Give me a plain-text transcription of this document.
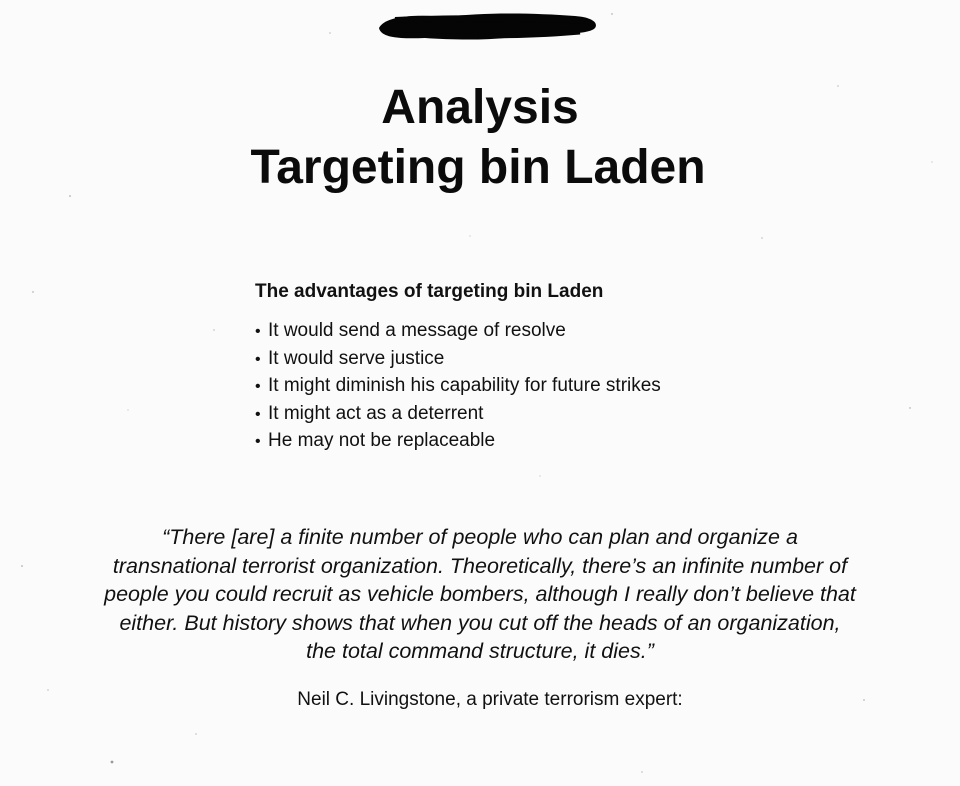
Analysis
Targeting bin Laden
The advantages of targeting bin Laden
• It would send a message of resolve
• It would serve justice
• It might diminish his capability for future strikes
• It might act as a deterrent
• He may not be replaceable

“There [are] a finite number of people who can plan and organize a
transnational terrorist organization. Theoretically, there’s an infinite number of
people you could recruit as vehicle bombers, although I really don’t believe that
either. But history shows that when you cut off the heads of an organization,
the total command structure, it dies.”

Neil C. Livingstone, a private terrorism expert:
